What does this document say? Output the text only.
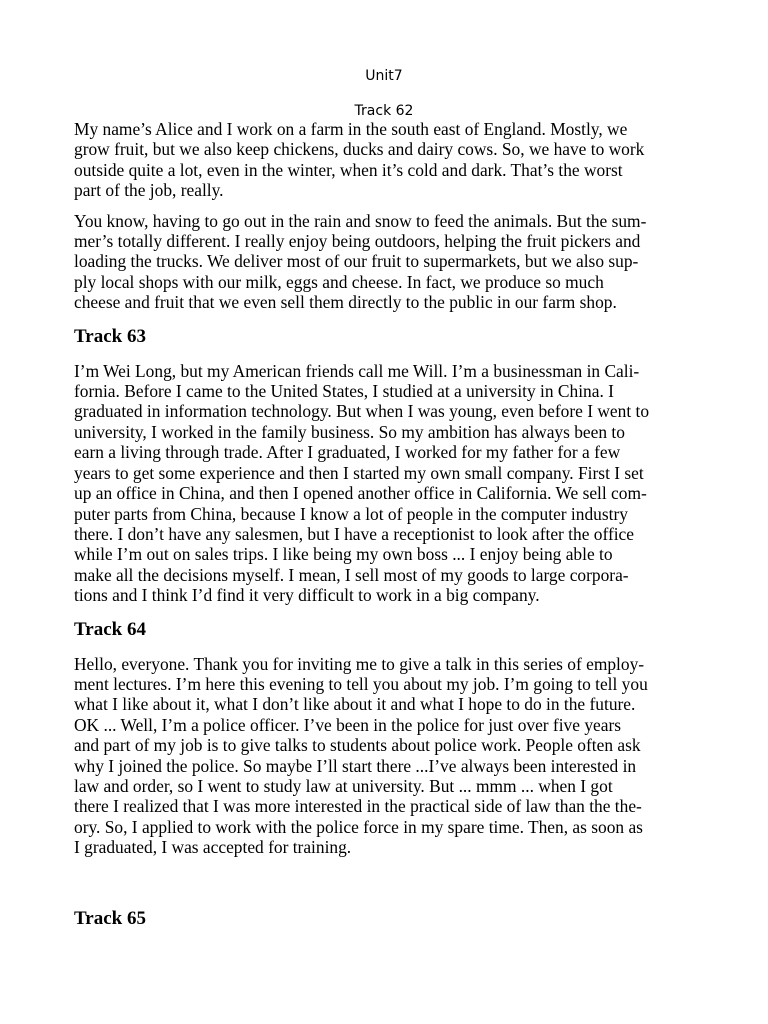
Unit7
Track 62

My name’s Alice and I work on a farm in the south east of England. Mostly, we
grow fruit, but we also keep chickens, ducks and dairy cows. So, we have to work
outside quite a lot, even in the winter, when it’s cold and dark. That’s the worst
part of the job, really.

You know, having to go out in the rain and snow to feed the animals. But the sum-
mer’s totally different. I really enjoy being outdoors, helping the fruit pickers and
loading the trucks. We deliver most of our fruit to supermarkets, but we also sup-
ply local shops with our milk, eggs and cheese. In fact, we produce so much
cheese and fruit that we even sell them directly to the public in our farm shop.

Track 63

I’m Wei Long, but my American friends call me Will. I’m a businessman in Cali-
fornia. Before I came to the United States, I studied at a university in China. I
graduated in information technology. But when I was young, even before I went to
university, I worked in the family business. So my ambition has always been to
earn a living through trade. After I graduated, I worked for my father for a few
years to get some experience and then I started my own small company. First I set
up an office in China, and then I opened another office in California. We sell com-
puter parts from China, because I know a lot of people in the computer industry
there. I don’t have any salesmen, but I have a receptionist to look after the office
while I’m out on sales trips. I like being my own boss ... I enjoy being able to
make all the decisions myself. I mean, I sell most of my goods to large corpora-
tions and I think I’d find it very difficult to work in a big company.

Track 64

Hello, everyone. Thank you for inviting me to give a talk in this series of employ-
ment lectures. I’m here this evening to tell you about my job. I’m going to tell you
what I like about it, what I don’t like about it and what I hope to do in the future.
OK ... Well, I’m a police officer. I’ve been in the police for just over five years
and part of my job is to give talks to students about police work. People often ask
why I joined the police. So maybe I’ll start there ...I’ve always been interested in
law and order, so I went to study law at university. But ... mmm ... when I got
there I realized that I was more interested in the practical side of law than the the-
ory. So, I applied to work with the police force in my spare time. Then, as soon as
I graduated, I was accepted for training.

Track 65
